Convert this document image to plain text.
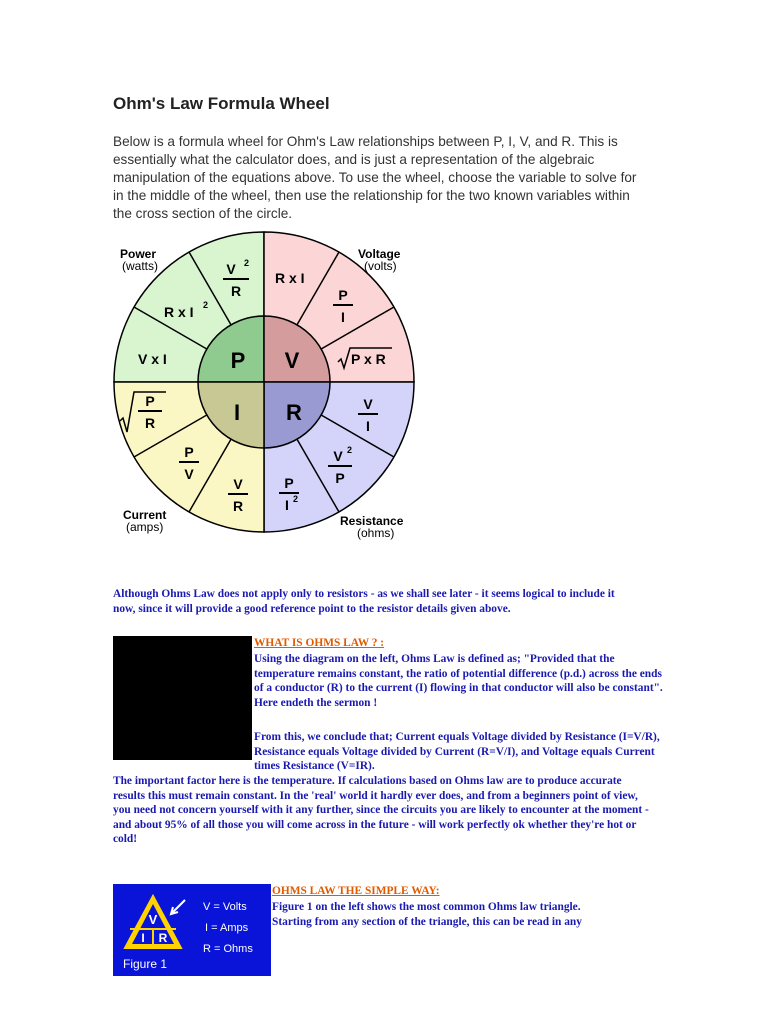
Ohm's Law Formula Wheel

Below is a formula wheel for Ohm's Law relationships between P, I, V, and R. This is essentially what the calculator does, and is just a representation of the algebraic manipulation of the equations above. To use the wheel, choose the variable to solve for in the middle of the wheel, then use the relationship for the two known variables within the cross section of the circle.

P V
I R
V 2
R
R x I 2
V x I
R x I
P
I
P x R
P
R
P
V
V
R
V
I
V 2
P
P
I 2
Power
(watts)
Voltage
(volts)
Current
(amps)	Resistance
(ohms)

Although Ohms Law does not apply only to resistors - as we shall see later - it seems logical to include it now, since it will provide a good reference point to the resistor details given above.

WHAT IS OHMS LAW ? :

Using the diagram on the left, Ohms Law is defined as; "Provided that the temperature remains constant, the ratio of potential difference (p.d.) across the ends of a conductor (R) to the current (I) flowing in that conductor will also be constant". Here endeth the sermon !

From this, we conclude that; Current equals Voltage divided by Resistance (I=V/R), Resistance equals Voltage divided by Current (R=V/I), and Voltage equals Current times Resistance (V=IR).

The important factor here is the temperature. If calculations based on Ohms law are to produce accurate results this must remain constant. In the 'real' world it hardly ever does, and from a beginners point of view, you need not concern yourself with it any further, since the circuits you are likely to encounter at the moment - and about 95% of all those you will come across in the future - will work perfectly ok whether they're hot or cold!

V
I R
V = Volts
I = Amps
R = Ohms
Figure 1

OHMS LAW THE SIMPLE WAY:

Figure 1 on the left shows the most common Ohms law triangle. Starting from any section of the triangle, this can be read in any
